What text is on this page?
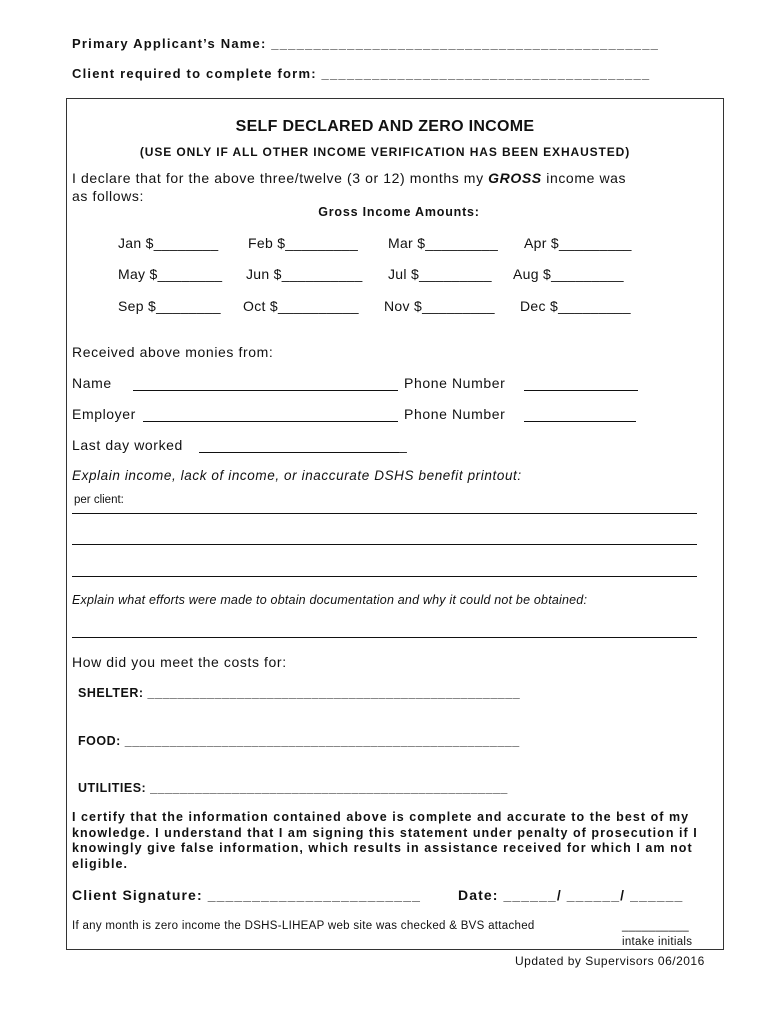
Primary Applicant’s Name: ______________________________________________
Client required to complete form: _______________________________________
SELF DECLARED AND ZERO INCOME
(USE ONLY IF ALL OTHER INCOME VERIFICATION HAS BEEN EXHAUSTED)
I declare that for the above three/twelve (3 or 12) months my GROSS income was
as follows:
Gross Income Amounts:
Jan $________ Feb $_________ Mar $_________ Apr $_________
May $________ Jun $__________ Jul $_________ Aug $_________
Sep $________ Oct $__________ Nov $_________ Dec $_________
Received above monies from:
Name	Phone Number
Employer	Phone Number
Last day worked	_
Explain income, lack of income, or inaccurate DSHS benefit printout:
per client:
Explain what efforts were made to obtain documentation and why it could not be obtained:
How did you meet the costs for:
SHELTER: __________________________________________________
FOOD: _____________________________________________________
UTILITIES: ________________________________________________
I certify that the information contained above is complete and accurate to the best of my knowledge. I understand that I am signing this statement under penalty of prosecution if I knowingly give false information, which results in assistance received for which I am not eligible.
Client Signature: ________________________	Date: ______/ ______/ ______
If any month is zero income the DSHS-LIHEAP web site was checked & BVS attached	__________
intake initials
Updated by Supervisors 06/2016
